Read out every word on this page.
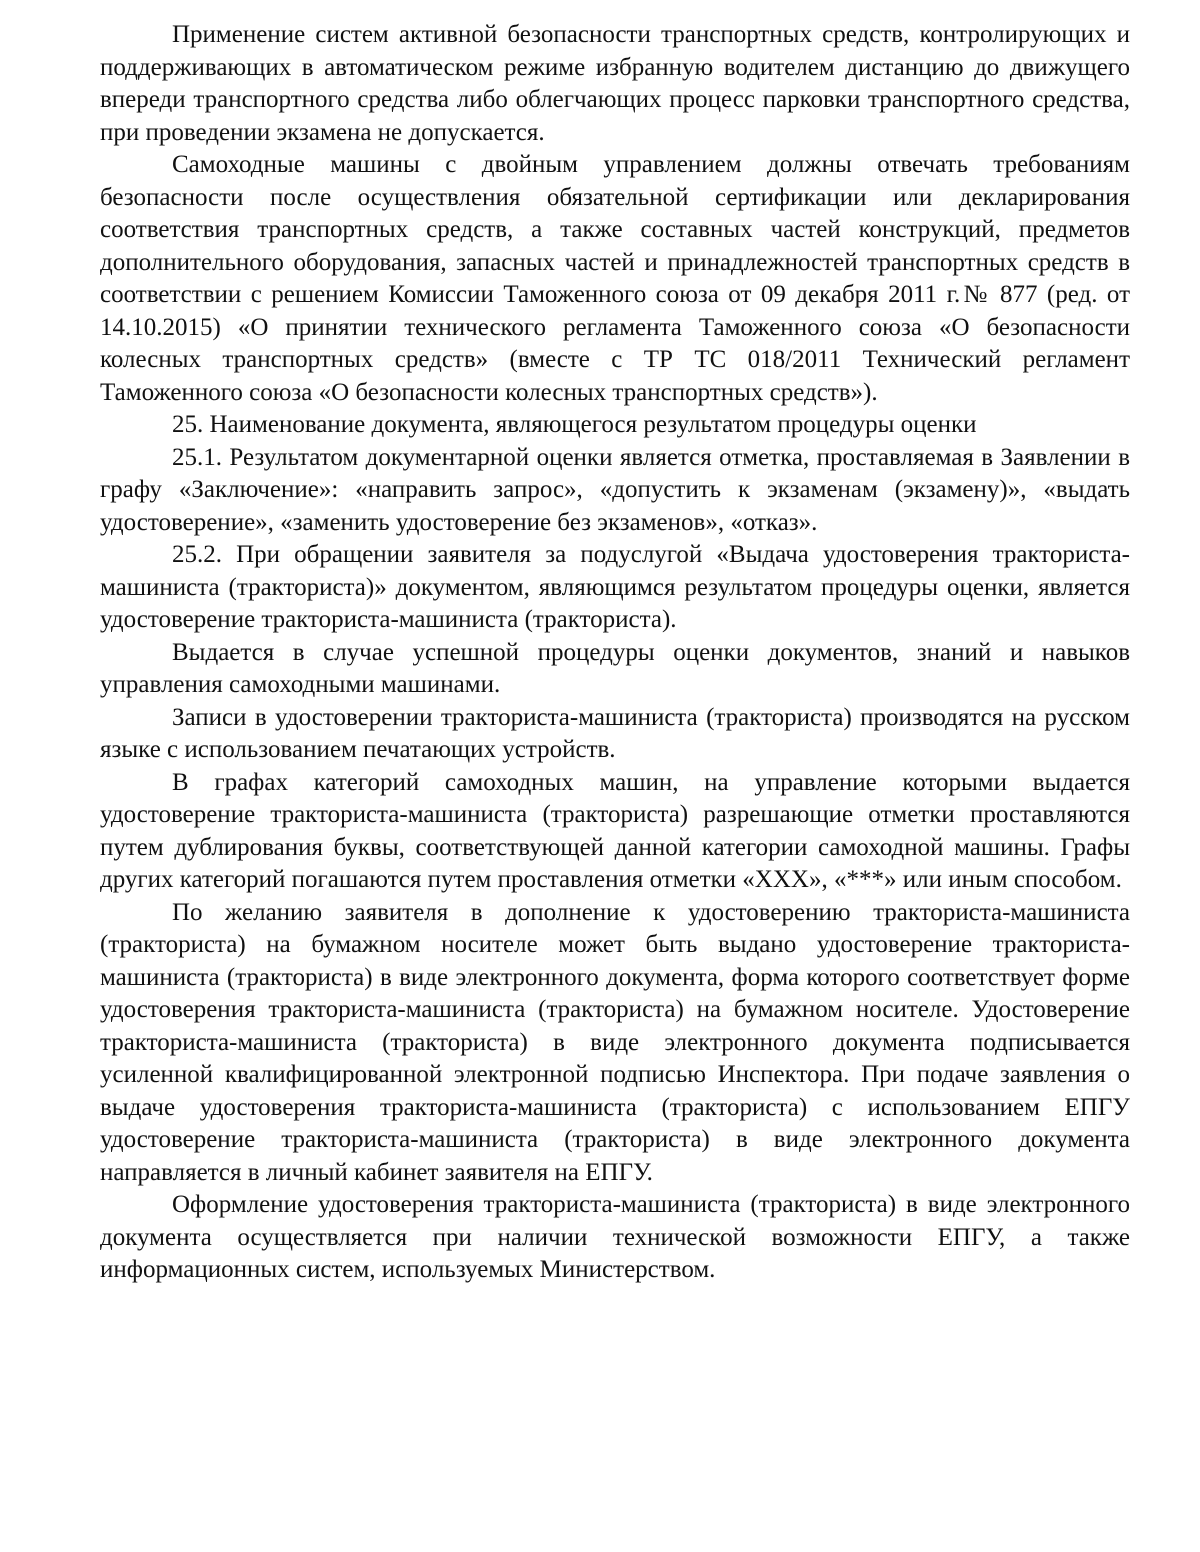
Применение систем активной безопасности транспортных средств, контролирующих и поддерживающих в автоматическом режиме избранную водителем дистанцию до движущего впереди транспортного средства либо облегчающих процесс парковки транспортного средства, при проведении экзамена не допускается.

Самоходные машины с двойным управлением должны отвечать требованиям безопасности после осуществления обязательной сертификации или декларирования соответствия транспортных средств, а также составных частей конструкций, предметов дополнительного оборудования, запасных частей и принадлежностей транспортных средств в соответствии с решением Комиссии Таможенного союза от 09 декабря 2011 г.№ 877 (ред. от 14.10.2015) «О принятии технического регламента Таможенного союза «О безопасности колесных транспортных средств» (вместе с ТР ТС 018/2011 Технический регламент Таможенного союза «О безопасности колесных транспортных средств»).

25. Наименование документа, являющегося результатом процедуры оценки

25.1. Результатом документарной оценки является отметка, проставляемая в Заявлении в графу «Заключение»: «направить запрос», «допустить к экзаменам (экзамену)», «выдать удостоверение», «заменить удостоверение без экзаменов», «отказ».

25.2. При обращении заявителя за подуслугой «Выдача удостоверения тракториста-машиниста (тракториста)» документом, являющимся результатом процедуры оценки, является удостоверение тракториста-машиниста (тракториста).

Выдается в случае успешной процедуры оценки документов, знаний и навыков управления самоходными машинами.

Записи в удостоверении тракториста-машиниста (тракториста) производятся на русском языке с использованием печатающих устройств.

В графах категорий самоходных машин, на управление которыми выдается удостоверение тракториста-машиниста (тракториста) разрешающие отметки проставляются путем дублирования буквы, соответствующей данной категории самоходной машины. Графы других категорий погашаются путем проставления отметки «XXX», «***» или иным способом.

По желанию заявителя в дополнение к удостоверению тракториста-машиниста (тракториста) на бумажном носителе может быть выдано удостоверение тракториста-машиниста (тракториста) в виде электронного документа, форма которого соответствует форме удостоверения тракториста-машиниста (тракториста) на бумажном носителе. Удостоверение тракториста-машиниста (тракториста) в виде электронного документа подписывается усиленной квалифицированной электронной подписью Инспектора. При подаче заявления о выдаче удостоверения тракториста-машиниста (тракториста) с использованием ЕПГУ удостоверение тракториста-машиниста (тракториста) в виде электронного документа направляется в личный кабинет заявителя на ЕПГУ.

Оформление удостоверения тракториста-машиниста (тракториста) в виде электронного документа осуществляется при наличии технической возможности ЕПГУ, а также информационных систем, используемых Министерством.
